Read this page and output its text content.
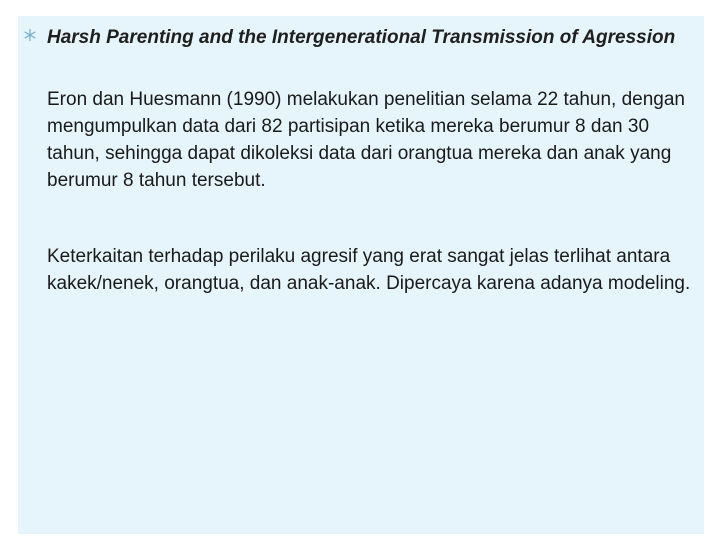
Harsh Parenting and the Intergenerational Transmission of Agression

Eron dan Huesmann (1990) melakukan penelitian selama 22 tahun, dengan mengumpulkan data dari 82 partisipan ketika mereka berumur 8 dan 30 tahun, sehingga dapat dikoleksi data dari orangtua mereka dan anak yang berumur 8 tahun tersebut.

Keterkaitan terhadap perilaku agresif yang erat sangat jelas terlihat antara kakek/nenek, orangtua, dan anak-anak. Dipercaya karena adanya modeling.
